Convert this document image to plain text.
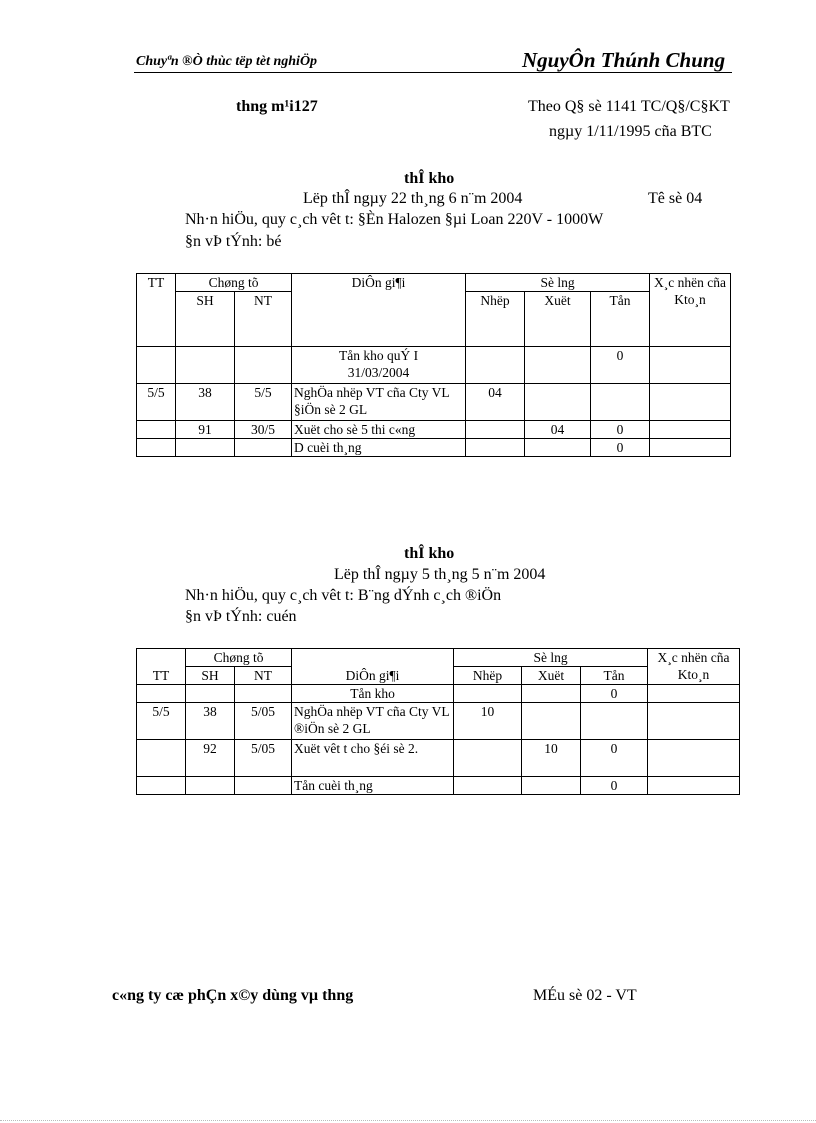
Chuyªn ®Ò thùc tëp tèt nghiÖp	NguyÔn Thúnh Chung
thng m¹i127	Theo Q§ sè 1141 TC/Q§/C§KT
ngµy 1/11/1995 cña BTC
thÎ kho
Lëp thÎ ngµy 22 th¸ng 6 n¨m 2004	Tê sè 04
Nh·n hiÖu, quy c¸ch vêt t: §Èn Halozen §µi Loan 220V - 1000W
§n vÞ tÝnh: bé
TT	Chøng tõ		DiÔn gi¶i	Sè lng			X¸c nhën cña Kto¸n
	SH	NT		Nhëp	Xuët	Tån	
			Tån kho quÝ I 31/03/2004			0	
5/5	38	5/5	NghÖa nhëp VT cña Cty VL §iÖn sè 2 GL	04			
	91	30/5	Xuët cho sè 5 thi c«ng		04	0	
			D cuèi th¸ng			0	
thÎ kho
Lëp thÎ ngµy 5 th¸ng 5 n¨m 2004
Nh·n hiÖu, quy c¸ch vêt t: B¨ng dÝnh c¸ch ®iÖn
§n vÞ tÝnh: cuén
TT	Chøng tõ		DiÔn gi¶i	Sè lng			X¸c nhën cña Kto¸n
	SH	NT		Nhëp	Xuët	Tån	
			Tån kho			0	
5/5	38	5/05	NghÖa nhëp VT cña Cty VL ®iÖn sè 2 GL	10			
	92	5/05	Xuët vêt t cho §éi sè 2.		10	0	
			Tån cuèi th¸ng			0	
c«ng ty cæ phÇn x©y dùng vµ thng	MÉu sè 02 - VT
